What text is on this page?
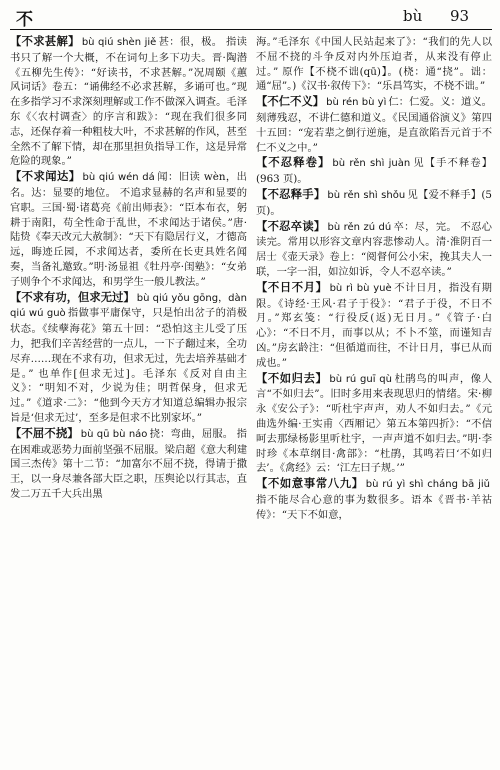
不	bù 93

【不求甚解】 bù qiú shèn jiě 甚：很，极。 指读书只了解一个大概，不在词句上多下功夫。晋·陶潜《五柳先生传》：“好读书，不求甚解。”况周颐《蕙风词话》卷五：“诵佛经不必求甚解，多诵可也。”现在多指学习不求深刻理解或工作不做深入调查。毛泽东《〈农村调查〉的序言和跋》：“现在我们很多同志，还保存着一种粗枝大叶，不求甚解的作风，甚至全然不了解下情，却在那里担负指导工作，这是异常危险的现象。”

【不求闻达】 bù qiú wén dá 闻：旧读 wèn，出名。达：显要的地位。 不追求显赫的名声和显要的官职。三国·蜀·诸葛亮《前出师表》：“臣本布衣，躬耕于南阳，苟全性命于乱世，不求闻达于诸侯。”唐·陆贽《奉天改元大赦制》：“天下有隐居行义，才德高远，晦迹丘园，不求闻达者，委所在长吏具姓名闻奏，当备礼邀致。”明·汤显祖《牡丹亭·闺塾》：“女弟子则争个不求闻达，和男学生一般儿教法。”

【不求有功，但求无过】 bù qiú yǒu gōng，dàn qiú wú guò 指做事平庸保守，只是怕出岔子的消极状态。《续孽海花》第五十回：“恐怕这主儿受了压力，把我们辛苦经营的一点儿，一下子翻过来，全功尽弃……现在不求有功，但求无过，先去培养基础才是。” 也单作[但求无过]。毛泽东《反对自由主义》：“明知不对，少说为佳；明哲保身，但求无过。”《道求·二》：“他到今天方才知道总编辑办报宗旨是‘但求无过’，至多是但求不比别家坏。”

【不屈不挠】 bù qū bù náo 挠：弯曲，屈服。 指在困难或恶势力面前坚强不屈服。梁启超《意大利建国三杰传》第十二节：“加富尔不屈不挠，得请于撒王，以一身尽兼各部大臣之职，压舆论以行其志，直发二万五千大兵出黑

海。”毛泽东《中国人民站起来了》：“我们的先人以不屈不挠的斗争反对内外压迫者，从来没有停止过。” 原作【不桡不诎(qū)】。(桡：通“挠”。诎：通“屈”。)《汉书·叙传下》：“乐昌笃实，不桡不诎。”

【不仁不义】 bù rén bù yì 仁：仁爱。义：道义。 刻薄残忍，不讲仁德和道义。《民国通俗演义》第四十五回：“宠若辈之倒行逆施，是直欲陷吾元首于不仁不义之中。”

【不忍释卷】 bù rěn shì juàn 见【手不释卷】(963 页)。

【不忍释手】 bù rěn shì shǒu 见【爱不释手】(5 页)。

【不忍卒读】 bù rěn zú dú 卒：尽，完。 不忍心读完。常用以形容文章内容悲惨动人。清·淮阴百一居士《壶天录》卷上：“阅督何公小宋，挽其夫人一联，一字一泪，如泣如诉，令人不忍卒读。”

【不日不月】 bù rì bù yuè 不计日月，指没有期限。《诗经·王风·君子于役》：“君子于役，不日不月。”郑玄笺：“行役反(返)无日月。”《管子·白心》：“不日不月，而事以从；不卜不筮，而谨知吉凶。”房玄龄注：“但循道而往，不计日月，事已从而成也。”

【不如归去】 bù rú guī qù 杜鹃鸟的叫声，像人言“不如归去”。旧时多用来表现思归的情绪。宋·柳永《安公子》：“听杜宇声声，劝人不如归去。”《元曲选外编·王实甫〈西厢记〉第五本第四折》：“不信呵去那绿杨影里听杜宇，一声声道不如归去。”明·李时珍《本草纲目·禽部》：“杜鹃，其鸣若曰‘不如归去’。《禽经》云：‘江左曰子规。’”

【不如意事常八九】 bù rú yì shì cháng bā jiǔ指不能尽合心意的事为数很多。语本《晋书·羊祜传》：“天下不如意，
